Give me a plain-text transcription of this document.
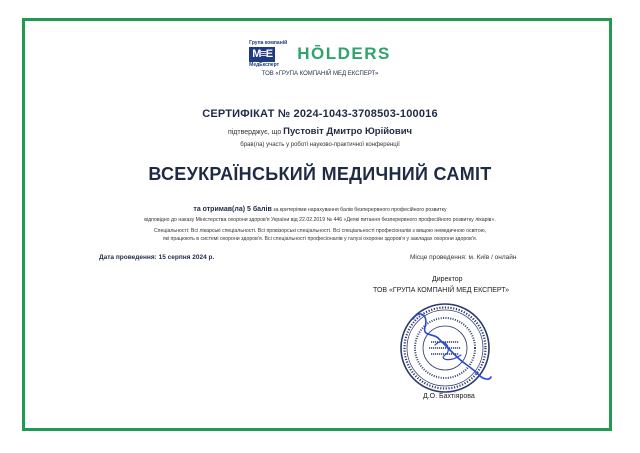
Група компаній
M≡E
МедЕксперт
HŌLDERS
ТОВ «ГРУПА КОМПАНІЙ МЕД ЕКСПЕРТ»
СЕРТИФІКАТ № 2024-1043-3708503-100016
підтверджує, що Пустовіт Дмитро Юрійович
брав(ла) участь у роботі науково-практичної конференції
ВСЕУКРАЇНСЬКИЙ МЕДИЧНИЙ САМІТ
та отримав(ла) 5 балів за критеріями нарахування балів безперервного професійного розвитку
відповідно до наказу Міністерства охорони здоров'я України від 22.02.2019 № 446 «Деякі питання безперервного професійного розвитку лікарів».
Спеціальності: Всі лікарські спеціальності. Всі провізорські спеціальності. Всі спеціальності професіоналів з вищою немедичною освітою,
які працюють в системі охорони здоров'я. Всі спеціальності професіоналів у галузі охорони здоров'я у закладах охорони здоров'я.
Дата проведення: 15 серпня 2024 р.	Місце проведення: м. Київ / онлайн
Директор
ТОВ «ГРУПА КОМПАНІЙ МЕД ЕКСПЕРТ»
Д.О. Бахтіярова
